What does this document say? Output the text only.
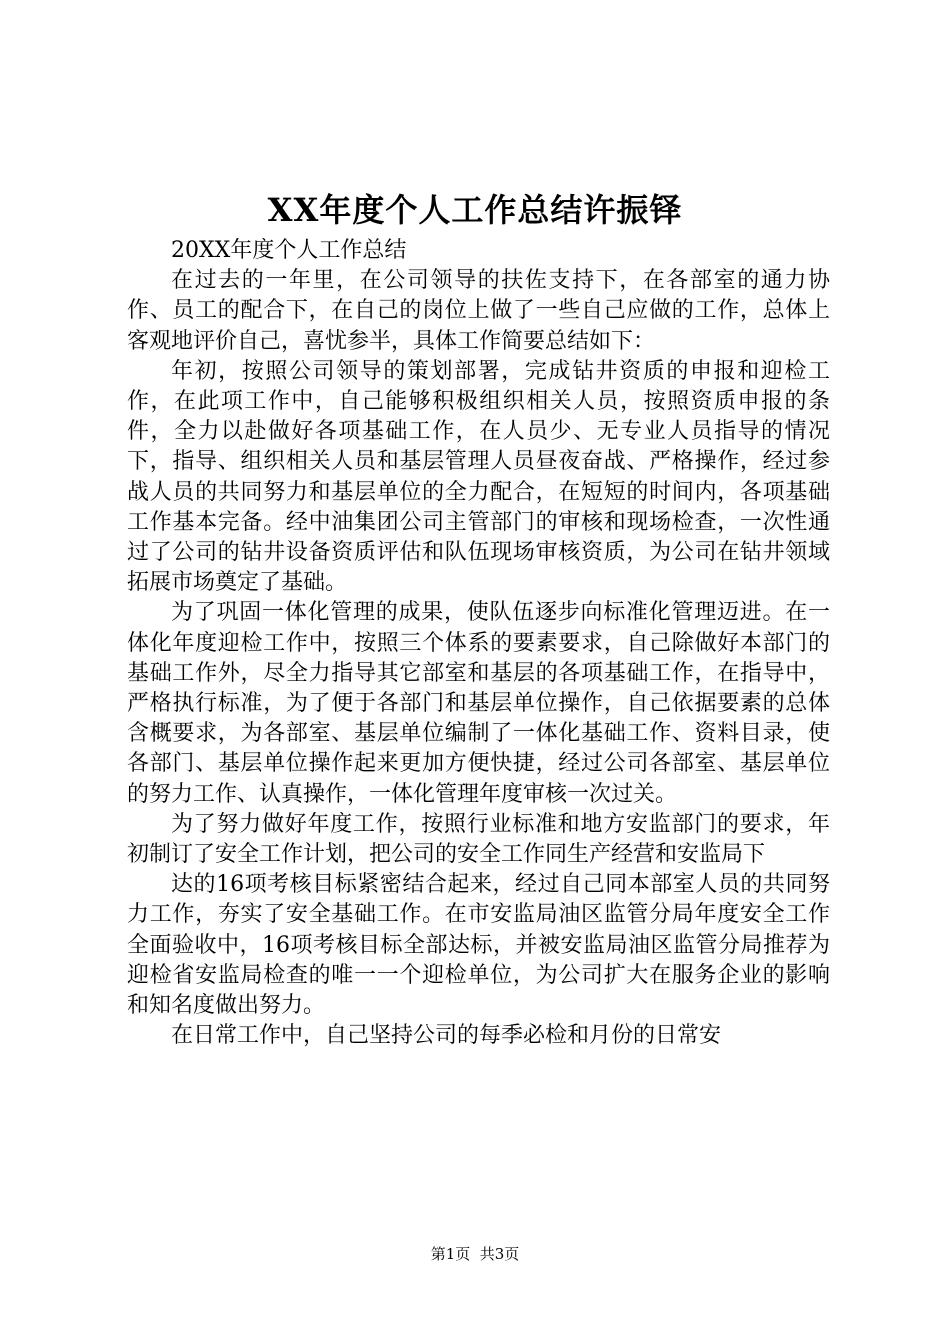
XX年度个人工作总结许振铎

20XX年度个人工作总结

在过去的一年里，在公司领导的扶佐支持下，在各部室的通力协作、员工的配合下，在自己的岗位上做了一些自己应做的工作，总体上客观地评价自己，喜忧参半，具体工作简要总结如下：

年初，按照公司领导的策划部署，完成钻井资质的申报和迎检工作，在此项工作中，自己能够积极组织相关人员，按照资质申报的条件，全力以赴做好各项基础工作，在人员少、无专业人员指导的情况下，指导、组织相关人员和基层管理人员昼夜奋战、严格操作，经过参战人员的共同努力和基层单位的全力配合，在短短的时间内，各项基础工作基本完备。经中油集团公司主管部门的审核和现场检查，一次性通过了公司的钻井设备资质评估和队伍现场审核资质，为公司在钻井领域拓展市场奠定了基础。

为了巩固一体化管理的成果，使队伍逐步向标准化管理迈进。在一体化年度迎检工作中，按照三个体系的要素要求，自己除做好本部门的基础工作外，尽全力指导其它部室和基层的各项基础工作，在指导中，严格执行标准，为了便于各部门和基层单位操作，自己依据要素的总体含概要求，为各部室、基层单位编制了一体化基础工作、资料目录，使各部门、基层单位操作起来更加方便快捷，经过公司各部室、基层单位的努力工作、认真操作，一体化管理年度审核一次过关。

为了努力做好年度工作，按照行业标准和地方安监部门的要求，年初制订了安全工作计划，把公司的安全工作同生产经营和安监局下

达的16项考核目标紧密结合起来，经过自己同本部室人员的共同努力工作，夯实了安全基础工作。在市安监局油区监管分局年度安全工作全面验收中，16项考核目标全部达标，并被安监局油区监管分局推荐为迎检省安监局检查的唯一一个迎检单位，为公司扩大在服务企业的影响和知名度做出努力。

在日常工作中，自己坚持公司的每季必检和月份的日常安

第1页  共3页
